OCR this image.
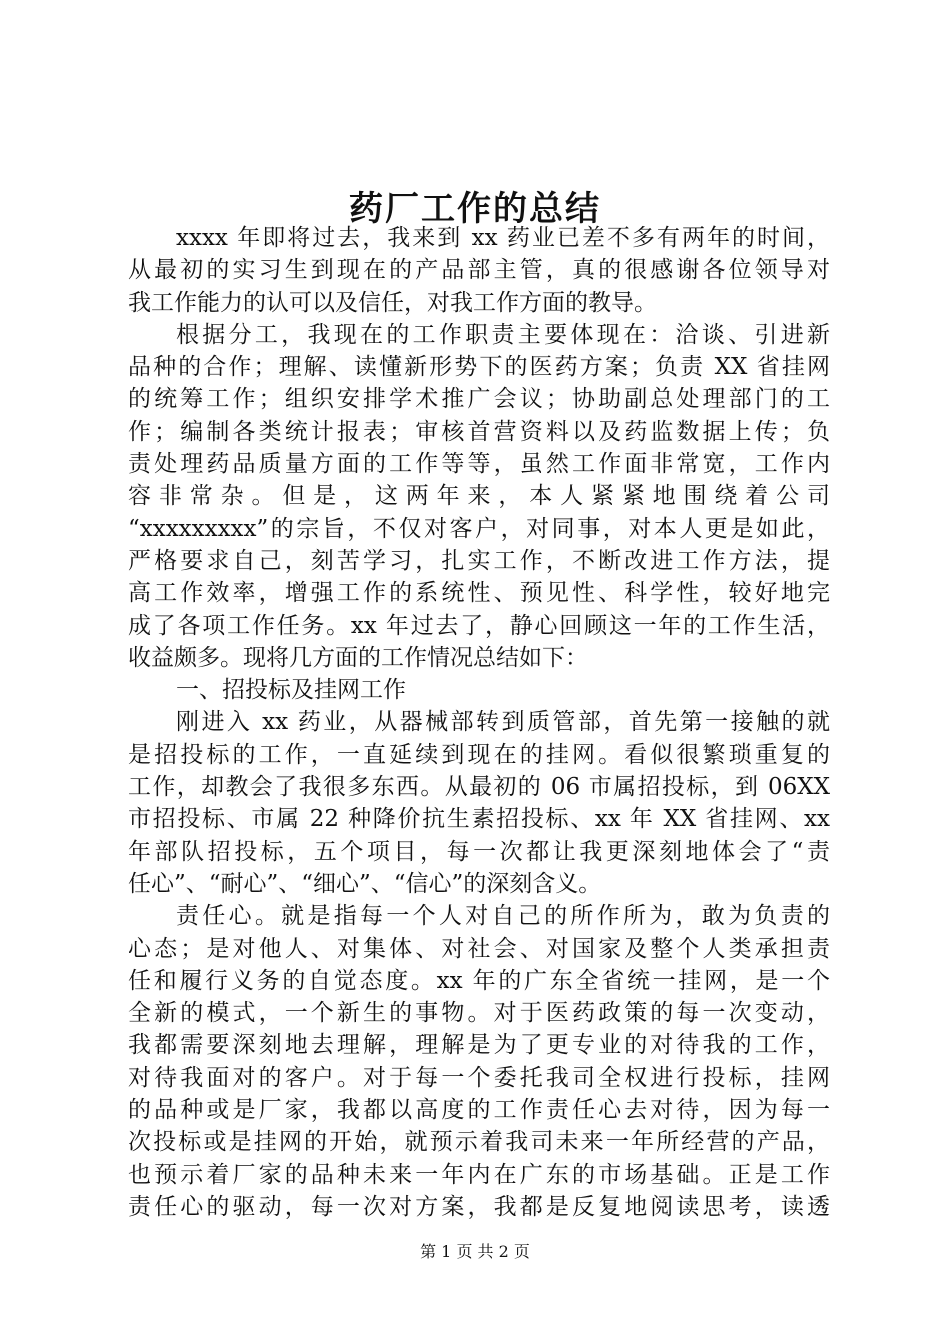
药厂工作的总结
xxxx 年即将过去，我来到 xx 药业已差不多有两年的时间，
从最初的实习生到现在的产品部主管，真的很感谢各位领导对
我工作能力的认可以及信任，对我工作方面的教导。
根据分工，我现在的工作职责主要体现在：洽谈、引进新
品种的合作；理解、读懂新形势下的医药方案；负责 XX 省挂网
的统筹工作；组织安排学术推广会议；协助副总处理部门的工
作；编制各类统计报表；审核首营资料以及药监数据上传；负
责处理药品质量方面的工作等等，虽然工作面非常宽，工作内
容 非 常 杂 。 但 是 ， 这 两 年 来 ， 本 人 紧 紧 地 围 绕 着 公 司
“xxxxxxxxx”的宗旨，不仅对客户，对同事，对本人更是如此，
严格要求自己，刻苦学习，扎实工作，不断改进工作方法，提
高工作效率，增强工作的系统性、预见性、科学性，较好地完
成了各项工作任务。xx 年过去了，静心回顾这一年的工作生活，
收益颇多。现将几方面的工作情况总结如下：
一、招投标及挂网工作
刚进入 xx 药业，从器械部转到质管部，首先第一接触的就
是招投标的工作，一直延续到现在的挂网。看似很繁琐重复的
工作，却教会了我很多东西。从最初的 06 市属招投标，到 06XX
市招投标、市属 22 种降价抗生素招投标、xx 年 XX 省挂网、xx
年部队招投标，五个项目，每一次都让我更深刻地体会了“责
任心”、“耐心”、“细心”、“信心”的深刻含义。
责任心。就是指每一个人对自己的所作所为，敢为负责的
心态；是对他人、对集体、对社会、对国家及整个人类承担责
任和履行义务的自觉态度。xx 年的广东全省统一挂网，是一个
全新的模式，一个新生的事物。对于医药政策的每一次变动，
我都需要深刻地去理解，理解是为了更专业的对待我的工作，
对待我面对的客户。对于每一个委托我司全权进行投标，挂网
的品种或是厂家，我都以高度的工作责任心去对待，因为每一
次投标或是挂网的开始，就预示着我司未来一年所经营的产品，
也预示着厂家的品种未来一年内在广东的市场基础。正是工作
责任心的驱动，每一次对方案，我都是反复地阅读思考，读透
第 1 页 共 2 页
